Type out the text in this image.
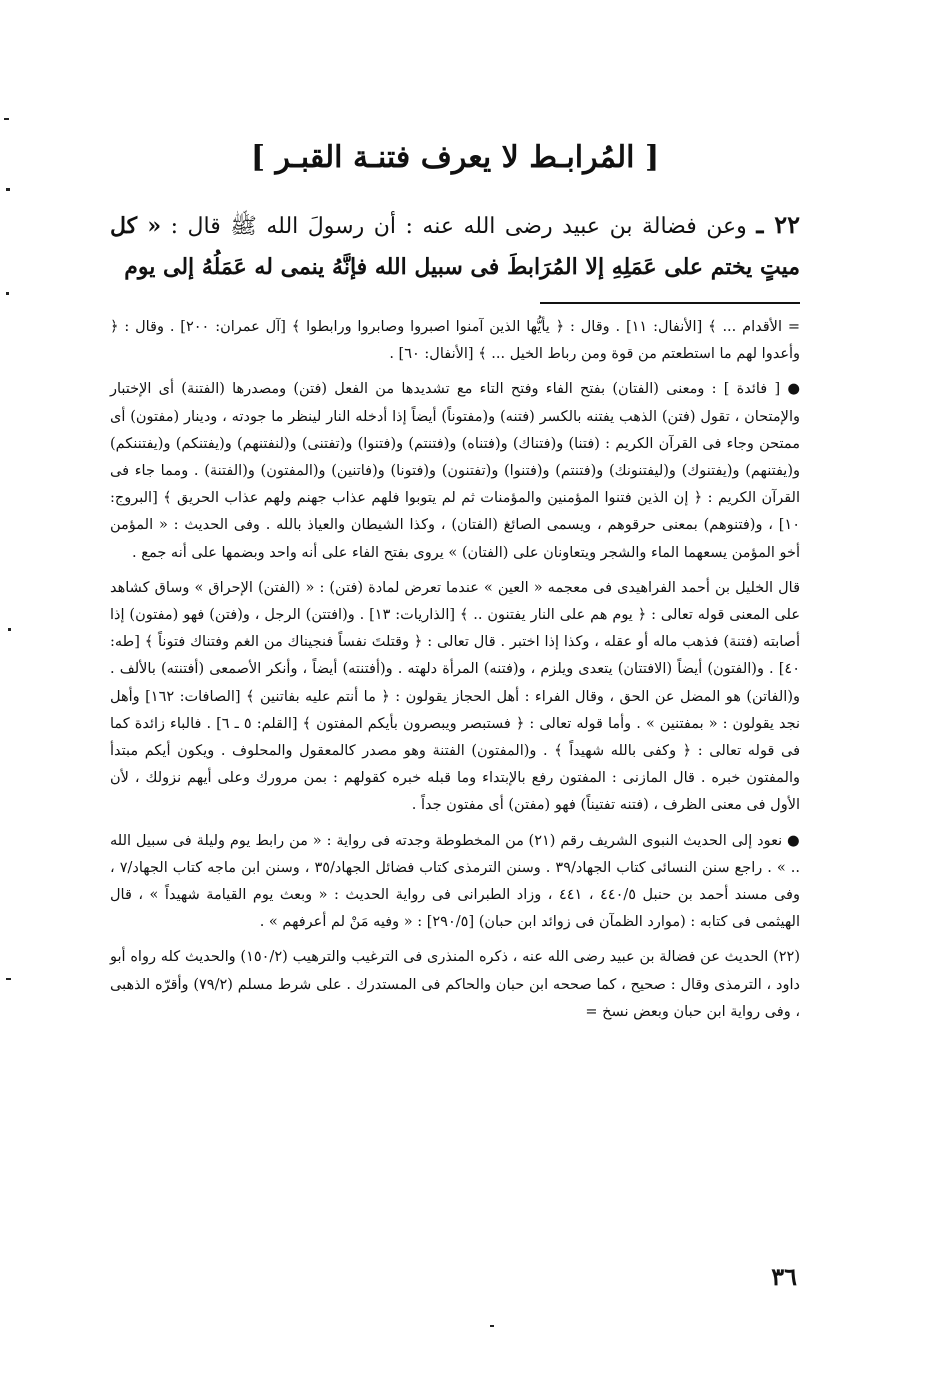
[ المُرابـط لا يعرف فتنـة القبـر ]

٢٢ ـ وعن فضالة بن عبيد رضى الله عنه : أن رسولَ الله ﷺ قال : « كل ميتٍ يختم على عَمَلِهِ إلا المُرَابطَ فى سبيل الله فإنَّهُ ينمى له عَمَلُهُ إلى يوم

= الأقدام ... ﴾ [الأنفال: ١١] . وقال : ﴿ يأيُّها الذين آمنوا اصبروا وصابروا ورابطوا ﴾ [آل عمران: ٢٠٠] . وقال : ﴿ وأعدوا لهم ما استطعتم من قوة ومن رباط الخيل ... ﴾ [الأنفال: ٦٠] .

● [ فائدة ] : ومعنى (الفتان) بفتح الفاء وفتح التاء مع تشديدها من الفعل (فتن) ومصدرها (الفتنة) أى الإختبار والإمتحان ، تقول (فتن) الذهب يفتنه بالكسر (فتنه) و(مفتوناً) أيضاً إذا أدخله النار لينظر ما جودته ، ودينار (مفتون) أى ممتحن وجاء فى القرآن الكريم : (فتنا) و(فتناك) و(فتناه) و(فتنتم) و(فتنوا) و(تفتنى) و(لنفتنهم) و(يفتنكم) و(يفتننكم) و(يفتنهم) و(يفتنوك) و(ليفتنونك) و(فتنتم) و(فتنوا) و(تفتنون) و(فتونا) و(فاتنين) و(المفتون) و(الفتنة) . ومما جاء فى القرآن الكريم : ﴿ إن الذين فتنوا المؤمنين والمؤمنات ثم لم يتوبوا فلهم عذاب جهنم ولهم عذاب الحريق ﴾ [البروج: ١٠] ، و(فتنوهم) بمعنى حرقوهم ، ويسمى الصائغ (الفتان) ، وكذا الشيطان والعياذ بالله . وفى الحديث : « المؤمن أخو المؤمن يسعهما الماء والشجر ويتعاونان على (الفتان) » يروى بفتح الفاء على أنه واحد وبضمها على أنه جمع .

قال الخليل بن أحمد الفراهيدى فى معجمه « العين » عندما تعرض لمادة (فتن) : « (الفتن) الإحراق » وساق كشاهد على المعنى قوله تعالى : ﴿ يوم هم على النار يفتنون .. ﴾ [الذاريات: ١٣] . و(افتتن) الرجل ، و(فتن) فهو (مفتون) إذا أصابته (فتنة) فذهب ماله أو عقله ، وكذا إذا اختبر . قال تعالى : ﴿ وقتلتَ نفساً فنجيناك من الغم وفتناك فتوناً ﴾ [طه: ٤٠] . و(الفتون) أيضاً (الافتتان) يتعدى ويلزم ، و(فتنه) المرأة دلهته . و(أفتنته) أيضاً ، وأنكر الأصمعى (أفتنته) بالألف . و(الفاتن) هو المضل عن الحق ، وقال الفراء : أهل الحجاز يقولون : ﴿ ما أنتم عليه بفاتنين ﴾ [الصافات: ١٦٢] وأهل نجد يقولون : « بمفتنين » . وأما قوله تعالى : ﴿ فستبصر ويبصرون بأيكم المفتون ﴾ [القلم: ٥ ـ ٦] . فالباء زائدة كما فى قوله تعالى : ﴿ وكفى بالله شهيداً ﴾ . و(المفتون) الفتنة وهو مصدر كالمعقول والمحلوف . ويكون أيكم مبتدأ والمفتون خبره . قال المازنى : المفتون رفع بالإبتداء وما قبله خبره كقولهم : بمن مرورك وعلى أيهم نزولك ، لأن الأول فى معنى الظرف ، (فتنه تفتيناً) فهو (مفتن) أى مفتون جداً .

● نعود إلى الحديث النبوى الشريف رقم (٢١) من المخطوطة وجدته فى رواية : « من رابط يوم وليلة فى سبيل الله .. » . راجع سنن النسائى كتاب الجهاد/٣٩ . وسنن الترمذى كتاب فضائل الجهاد/٣٥ ، وسنن ابن ماجه كتاب الجهاد/٧ ، وفى مسند أحمد بن حنبل ٤٤٠/٥ ، ٤٤١ ، وزاد الطبرانى فى رواية الحديث : « وبعث يوم القيامة شهيداً » ، قال الهيثمى فى كتابه : (موارد الظمآن فى زوائد ابن حبان) [٢٩٠/٥] : « وفيه مَنْ لم أعرفهم » .

(٢٢) الحديث عن فضالة بن عبيد رضى الله عنه ، ذكره المنذرى فى الترغيب والترهيب (١٥٠/٢) والحديث كله رواه أبو داود ، الترمذى وقال : صحيح ، كما صححه ابن حبان والحاكم فى المستدرك . على شرط مسلم (٧٩/٢) وأقرّه الذهبى ، وفى رواية ابن حبان وبعض نسخ =

٣٦
